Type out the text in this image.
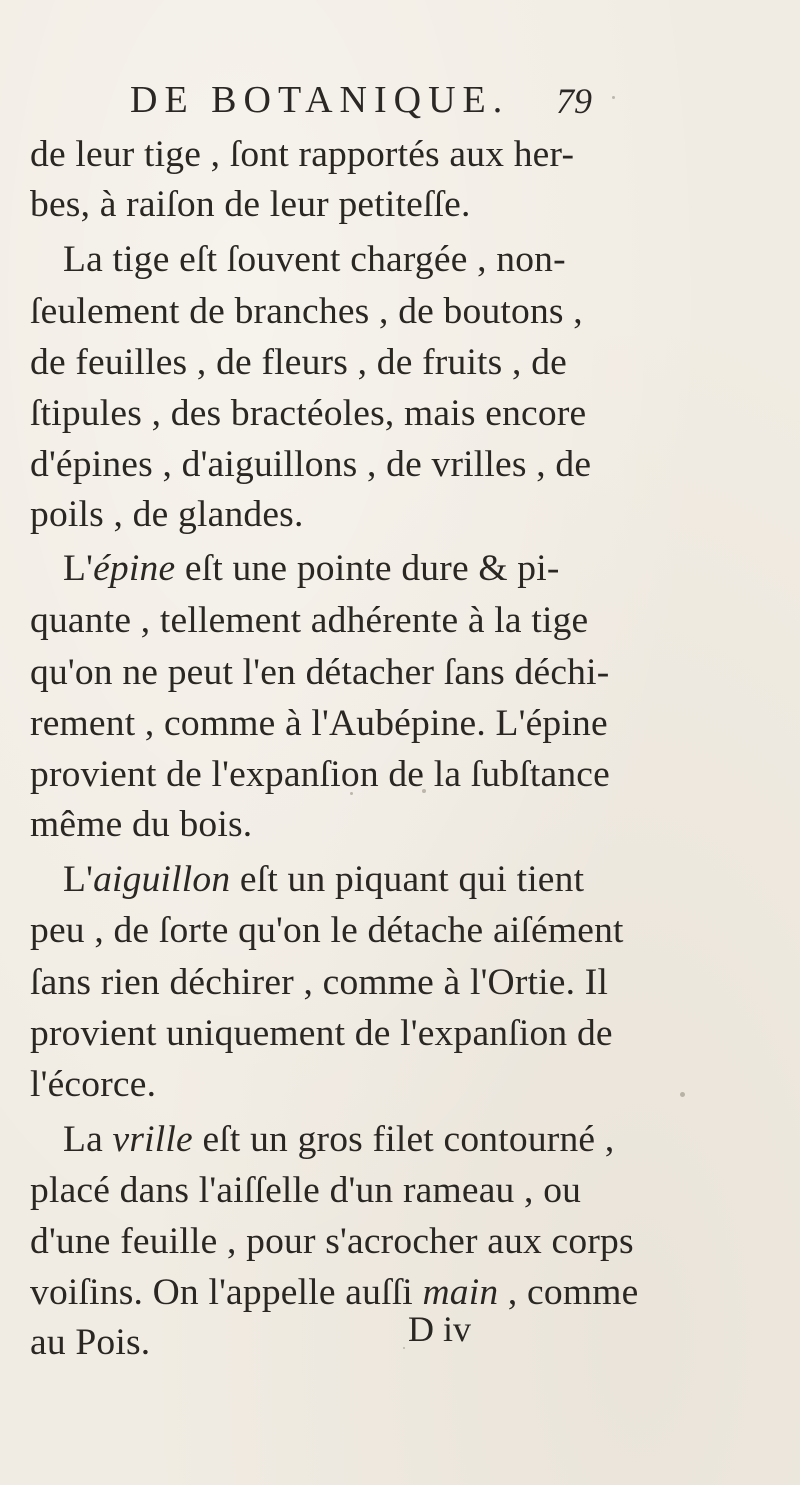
DE BOTANIQUE. 79
de leur tige , ſont rapportés aux her-
bes, à raiſon de leur petiteſſe.
La tige eſt ſouvent chargée , non-
ſeulement de branches , de boutons ,
de feuilles , de fleurs , de fruits , de
ſtipules , des bractéoles, mais encore
d'épines , d'aiguillons , de vrilles , de
poils , de glandes.
L'épine eſt une pointe dure & pi-
quante , tellement adhérente à la tige
qu'on ne peut l'en détacher ſans déchi-
rement , comme à l'Aubépine. L'épine
provient de l'expanſion de la ſubſtance
même du bois.
L'aiguillon eſt un piquant qui tient
peu , de ſorte qu'on le détache aiſément
ſans rien déchirer , comme à l'Ortie. Il
provient uniquement de l'expanſion de
l'écorce.
La vrille eſt un gros filet contourné ,
placé dans l'aiſſelle d'un rameau , ou
d'une feuille , pour s'acrocher aux corps
voiſins. On l'appelle auſſi main , comme
au Pois.	D iv
